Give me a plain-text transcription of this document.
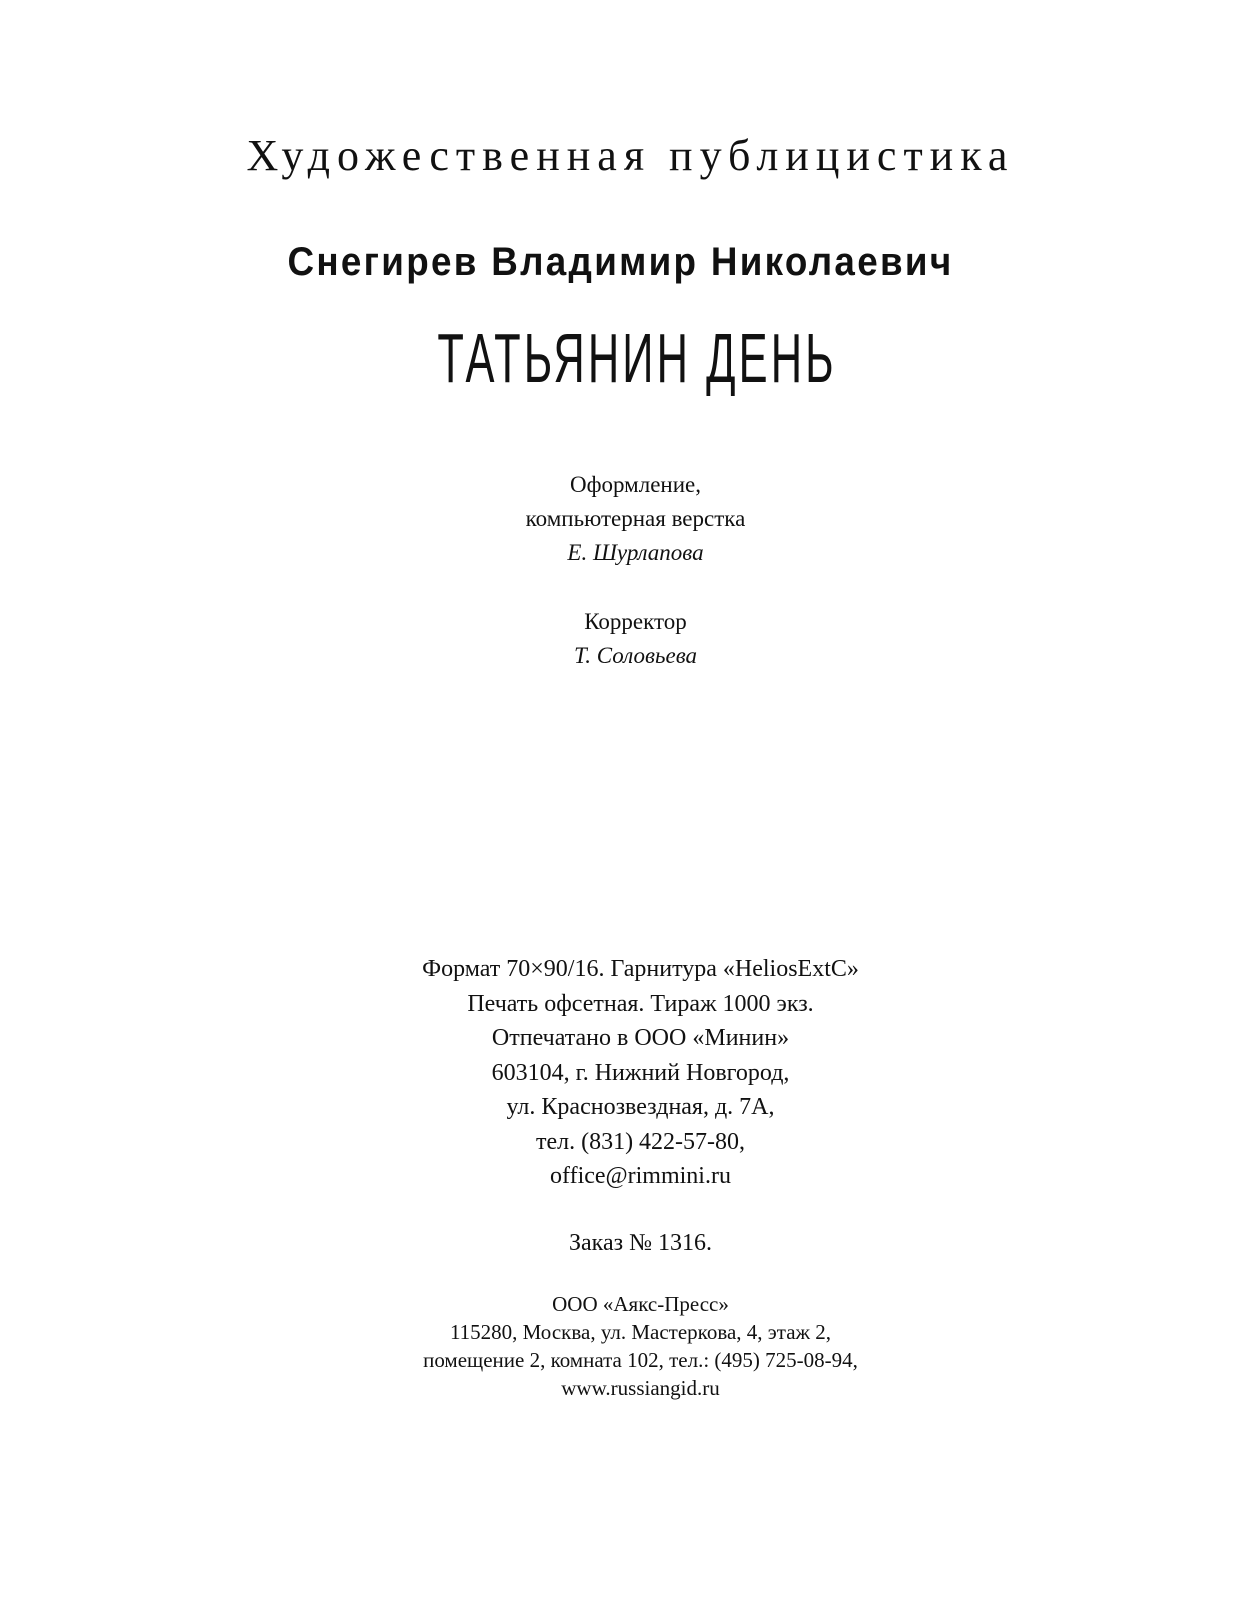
Художественная публицистика
Снегирев Владимир Николаевич
ТАТЬЯНИН ДЕНЬ
Оформление,
компьютерная верстка
Е. Шурлапова
Корректор
Т. Соловьева
Формат 70×90/16. Гарнитура «HeliosExtC»
Печать офсетная. Тираж 1000 экз.
Отпечатано в ООО «Минин»
603104, г. Нижний Новгород,
ул. Краснозвездная, д. 7А,
тел. (831) 422-57-80,
office@rimmini.ru
Заказ № 1316.
ООО «Аякс-Пресс»
115280, Москва, ул. Мастеркова, 4, этаж 2,
помещение 2, комната 102, тел.: (495) 725-08-94,
www.russiangid.ru
